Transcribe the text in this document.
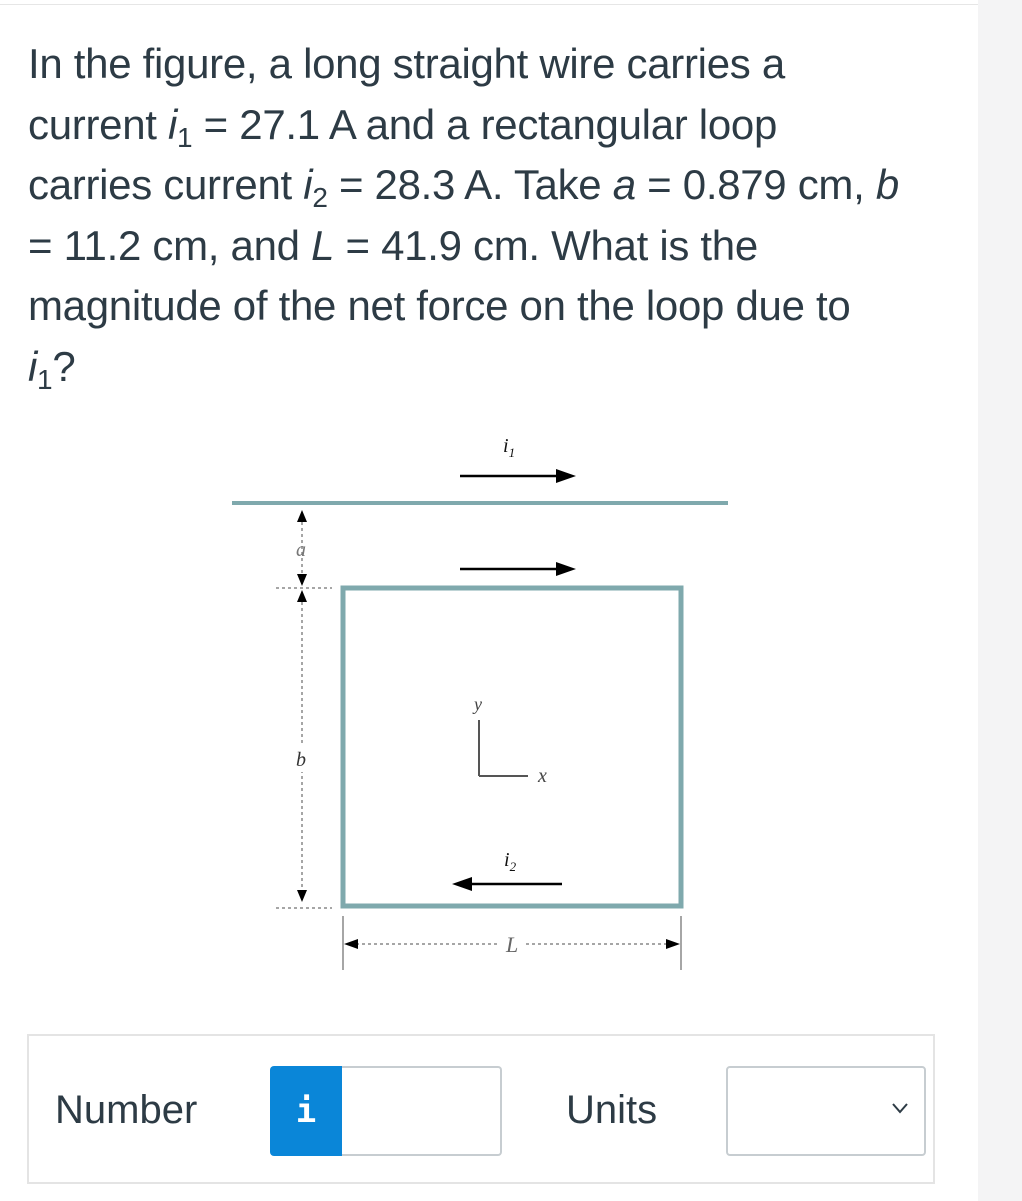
In the figure, a long straight wire carries a
current $i_1 = 27.1$ A and a rectangular loop
carries current $i_2 = 28.3$ A. Take a = 0.879 cm, b
= 11.2 cm, and L = 41.9 cm. What is the
magnitude of the net force on the loop due to
$i_1$?
$i_1$
a
b
y
x
$i_2$
L
Number	i	Units
